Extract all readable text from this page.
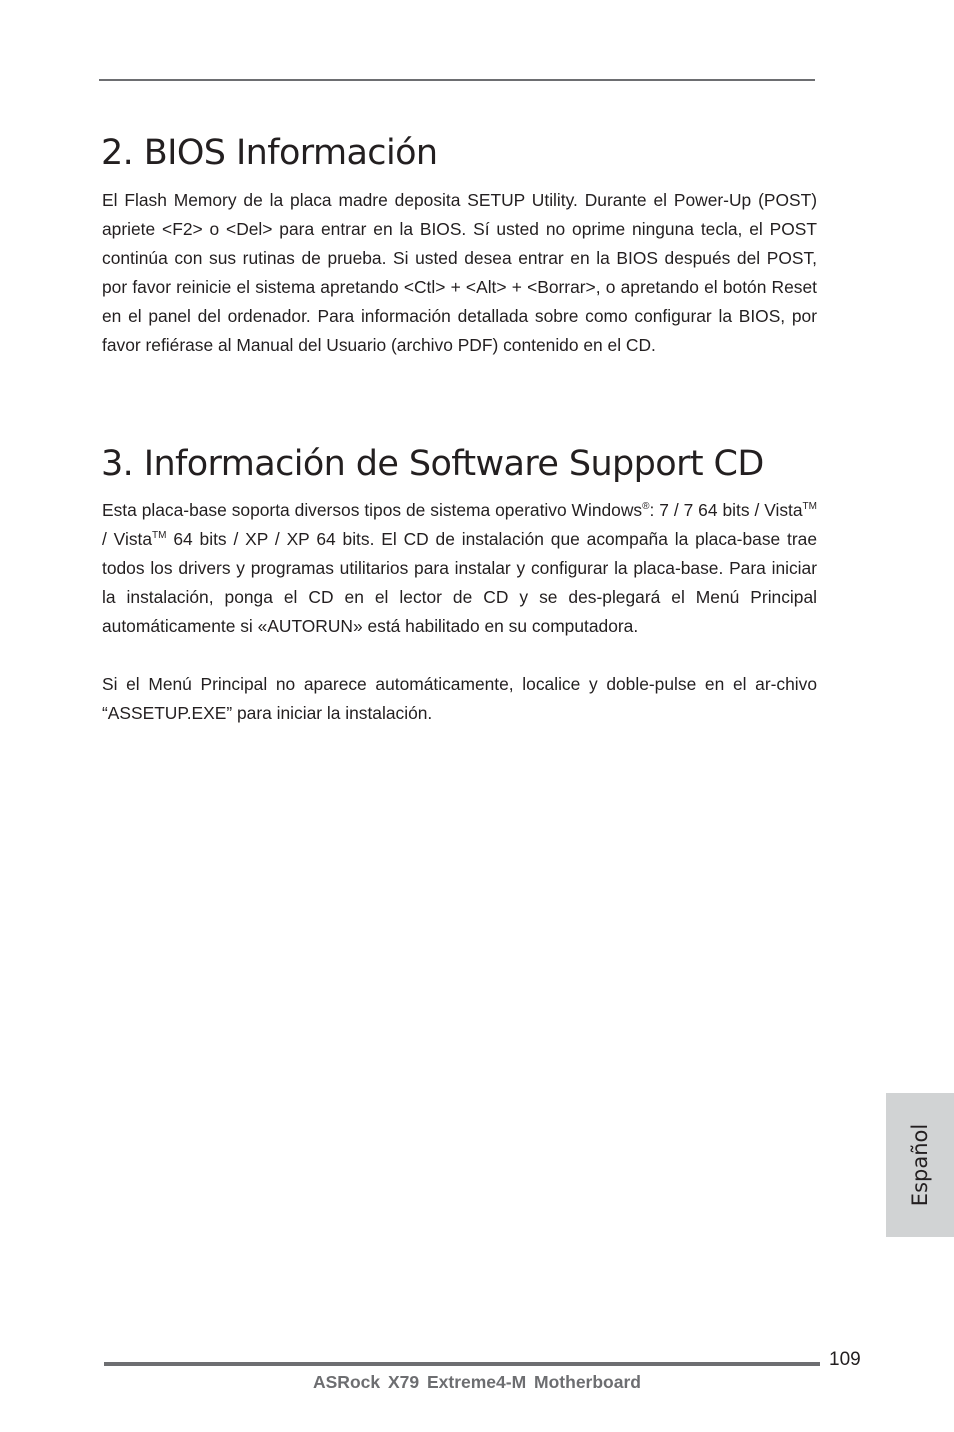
2. BIOS Información

El Flash Memory de la placa madre deposita SETUP Utility. Durante el Power-Up (POST) apriete <F2> o <Del> para entrar en la BIOS. Sí usted no oprime ninguna tecla, el POST continúa con sus rutinas de prueba. Si usted desea entrar en la BIOS después del POST, por favor reinicie el sistema apretando <Ctl> + <Alt> + <Borrar>, o apretando el botón Reset en el panel del ordenador. Para información detallada sobre como configurar la BIOS, por favor refiérase al Manual del Usuario (archivo PDF) contenido en el CD.

3. Información de Software Support CD

Esta placa-base soporta diversos tipos de sistema operativo Windows®: 7 / 7 64 bits / Vista™ / Vista™ 64 bits / XP / XP 64 bits. El CD de instalación que acompaña la placa-base trae todos los drivers y programas utilitarios para instalar y configurar la placa-base. Para iniciar la instalación, ponga el CD en el lector de CD y se des-plegará el Menú Principal automáticamente si «AUTORUN» está habilitado en su computadora.

Si el Menú Principal no aparece automáticamente, localice y doble-pulse en el ar-chivo “ASSETUP.EXE” para iniciar la instalación.

Español
109
ASRock X79 Extreme4-M Motherboard
